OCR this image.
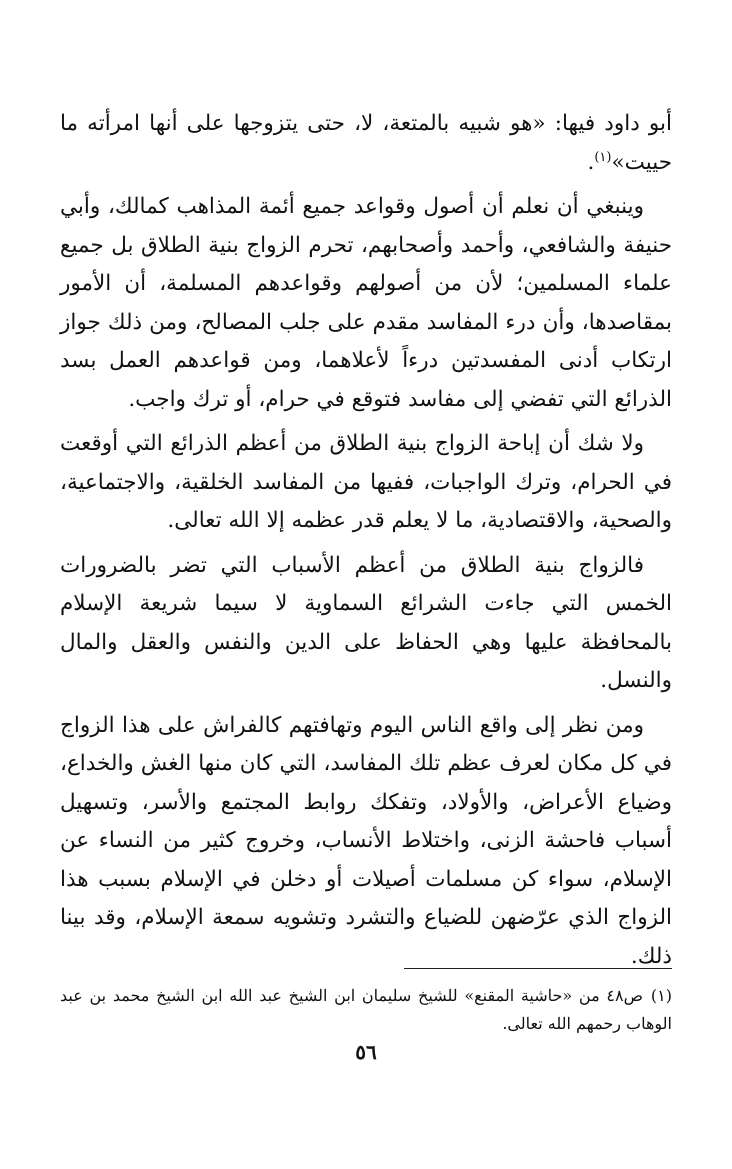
أبو داود فيها: «هو شبيه بالمتعة، لا، حتى يتزوجها على أنها امرأته ما حييت»$^{(١)}$.

وينبغي أن نعلم أن أصول وقواعد جميع أئمة المذاهب كمالك، وأبي حنيفة والشافعي، وأحمد وأصحابهم، تحرم الزواج بنية الطلاق بل جميع علماء المسلمين؛ لأن من أصولهم وقواعدهم المسلمة، أن الأمور بمقاصدها، وأن درء المفاسد مقدم على جلب المصالح، ومن ذلك جواز ارتكاب أدنى المفسدتين درءاً لأعلاهما، ومن قواعدهم العمل بسد الذرائع التي تفضي إلى مفاسد فتوقع في حرام، أو ترك واجب.

ولا شك أن إباحة الزواج بنية الطلاق من أعظم الذرائع التي أوقعت في الحرام، وترك الواجبات، ففيها من المفاسد الخلقية، والاجتماعية، والصحية، والاقتصادية، ما لا يعلم قدر عظمه إلا الله تعالى.

فالزواج بنية الطلاق من أعظم الأسباب التي تضر بالضرورات الخمس التي جاءت الشرائع السماوية لا سيما شريعة الإسلام بالمحافظة عليها وهي الحفاظ على الدين والنفس والعقل والمال والنسل.

ومن نظر إلى واقع الناس اليوم وتهافتهم كالفراش على هذا الزواج في كل مكان لعرف عظم تلك المفاسد، التي كان منها الغش والخداع، وضياع الأعراض، والأولاد، وتفكك روابط المجتمع والأسر، وتسهيل أسباب فاحشة الزنى، واختلاط الأنساب، وخروج كثير من النساء عن الإسلام، سواء كن مسلمات أصيلات أو دخلن في الإسلام بسبب هذا الزواج الذي عرّضهن للضياع والتشرد وتشويه سمعة الإسلام، وقد بينا ذلك.

(١)ص٤٨ من «حاشية المقنع» للشيخ سليمان ابن الشيخ عبد الله ابن الشيخ محمد بن عبد الوهاب رحمهم الله تعالى.
٥٦
